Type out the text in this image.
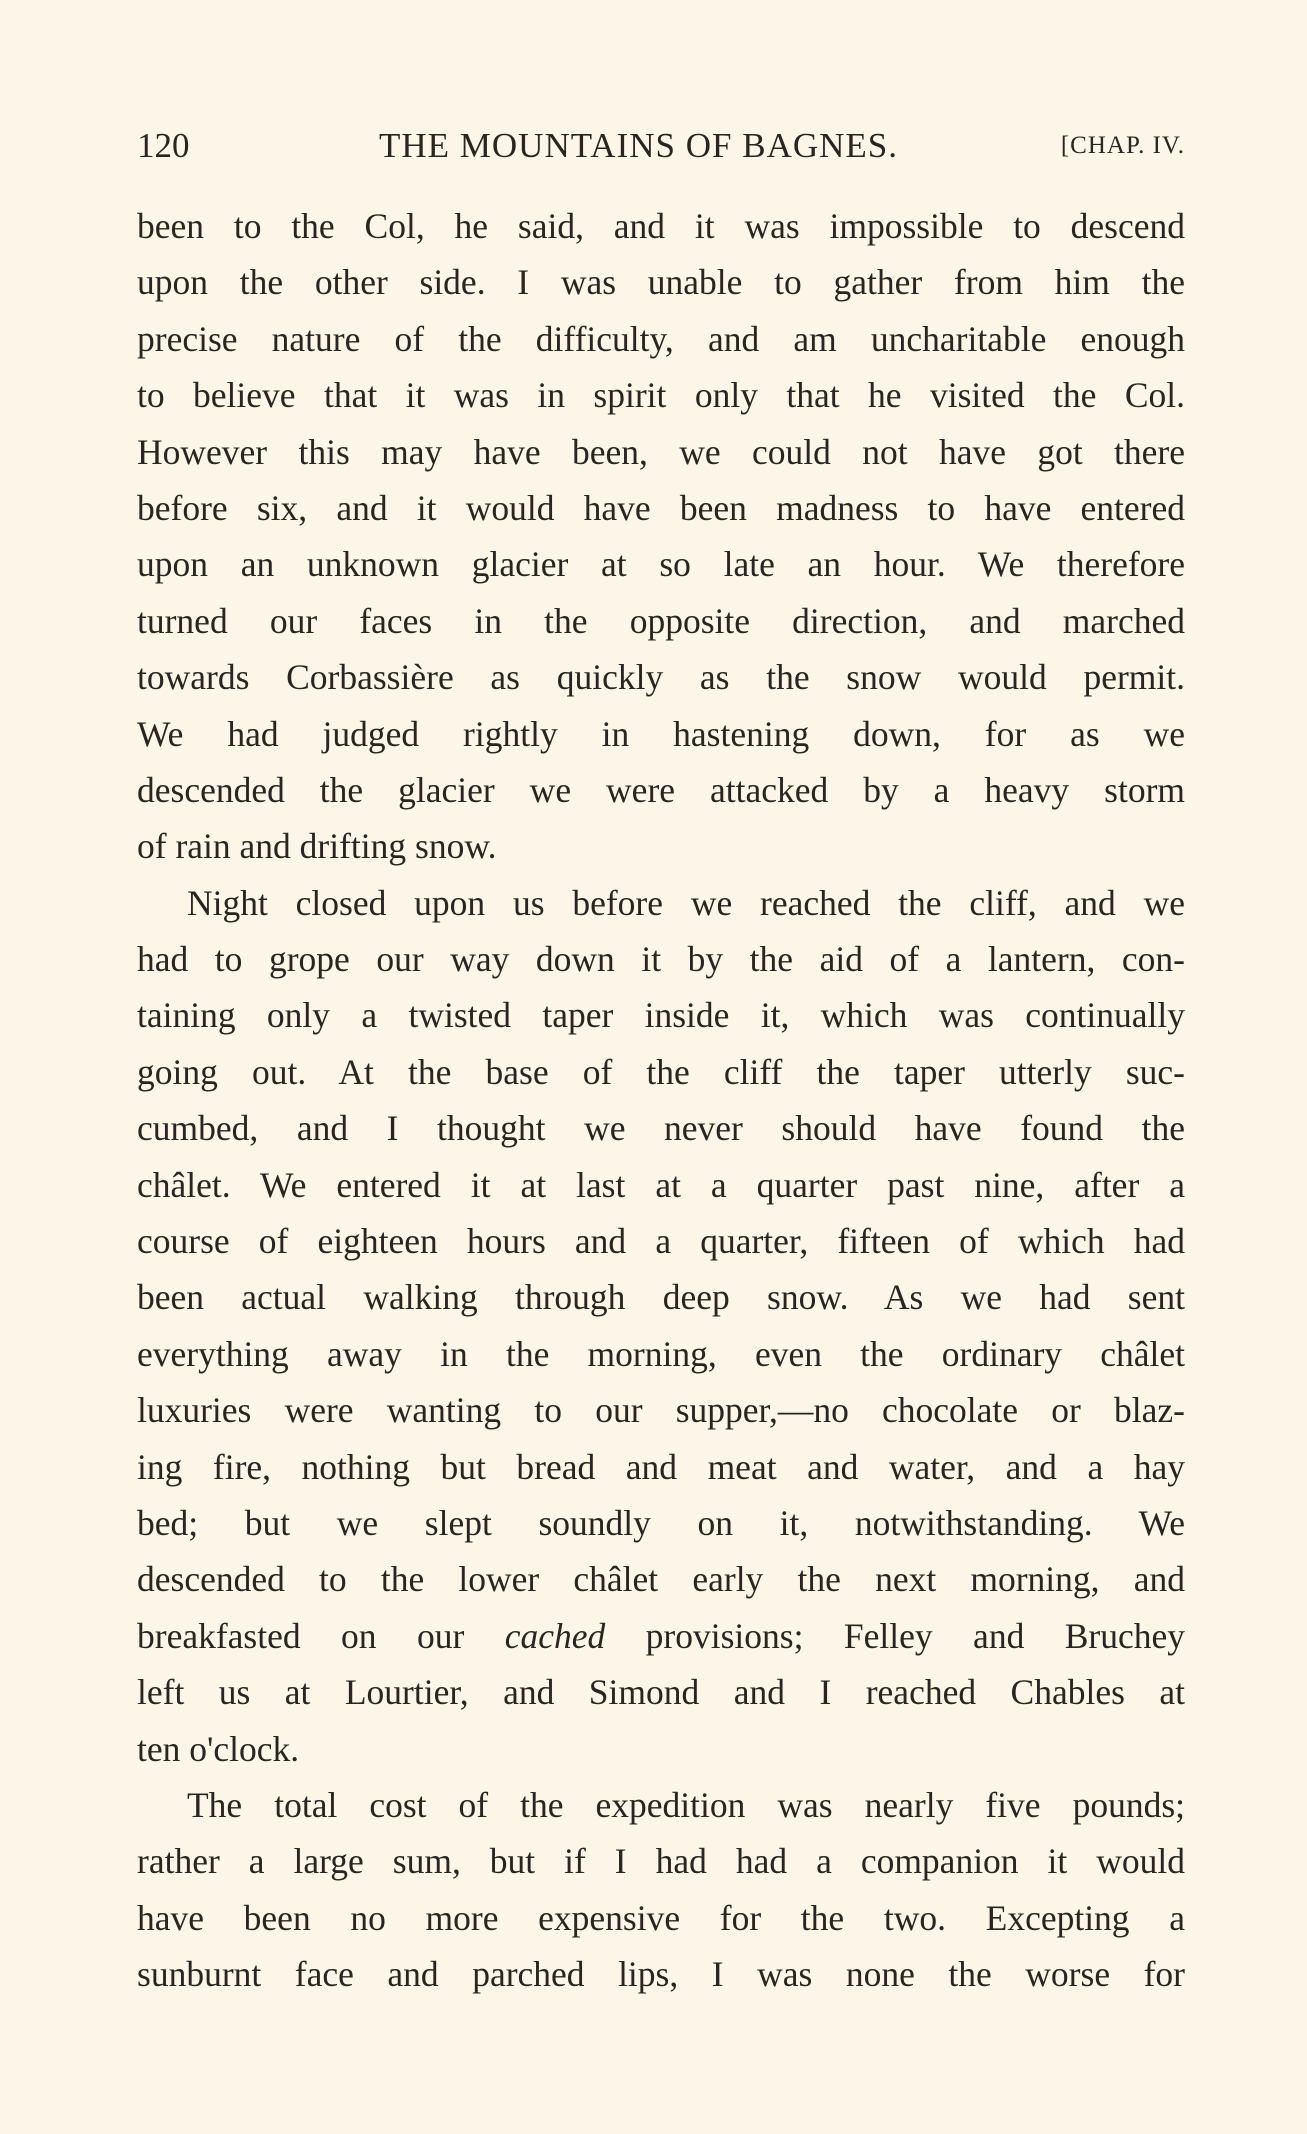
120	THE MOUNTAINS OF BAGNES.	[CHAP. IV.
been to the Col, he said, and it was impossible to descend
upon the other side. I was unable to gather from him the
precise nature of the difficulty, and am uncharitable enough
to believe that it was in spirit only that he visited the Col.
However this may have been, we could not have got there
before six, and it would have been madness to have entered
upon an unknown glacier at so late an hour. We therefore
turned our faces in the opposite direction, and marched
towards Corbassière as quickly as the snow would permit.
We had judged rightly in hastening down, for as we
descended the glacier we were attacked by a heavy storm
of rain and drifting snow.
Night closed upon us before we reached the cliff, and we
had to grope our way down it by the aid of a lantern, con-
taining only a twisted taper inside it, which was continually
going out. At the base of the cliff the taper utterly suc-
cumbed, and I thought we never should have found the
châlet. We entered it at last at a quarter past nine, after a
course of eighteen hours and a quarter, fifteen of which had
been actual walking through deep snow. As we had sent
everything away in the morning, even the ordinary châlet
luxuries were wanting to our supper,—no chocolate or blaz-
ing fire, nothing but bread and meat and water, and a hay
bed; but we slept soundly on it, notwithstanding. We
descended to the lower châlet early the next morning, and
breakfasted on our cached provisions; Felley and Bruchey
left us at Lourtier, and Simond and I reached Chables at
ten o'clock.
The total cost of the expedition was nearly five pounds;
rather a large sum, but if I had had a companion it would
have been no more expensive for the two. Excepting a
sunburnt face and parched lips, I was none the worse for
